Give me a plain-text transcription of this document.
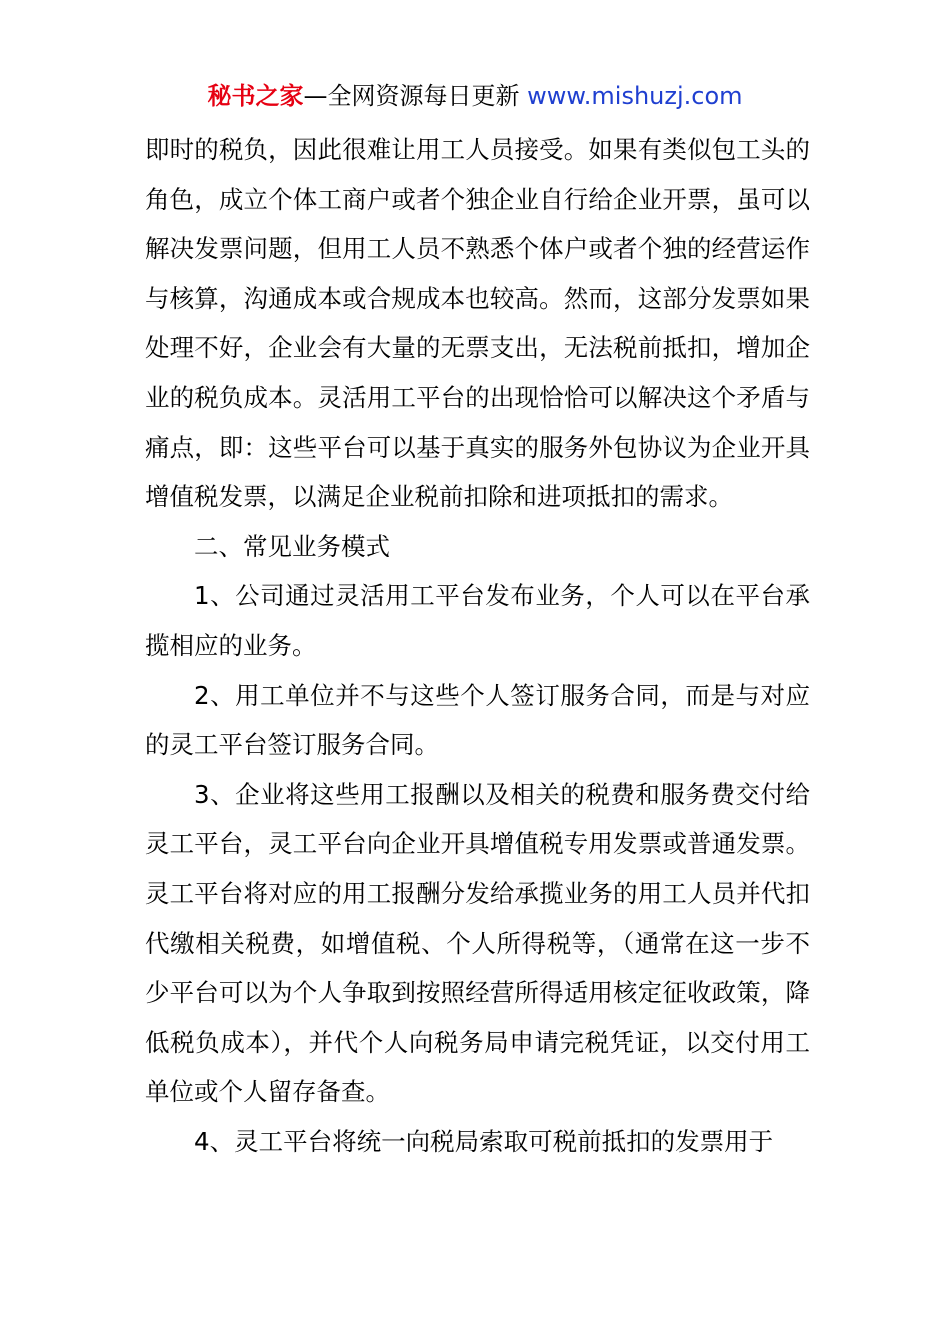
秘书之家—全网资源每日更新 www.mishuzj.com

即时的税负，因此很难让用工人员接受。如果有类似包工头的角色，成立个体工商户或者个独企业自行给企业开票，虽可以解决发票问题，但用工人员不熟悉个体户或者个独的经营运作与核算，沟通成本或合规成本也较高。然而，这部分发票如果处理不好，企业会有大量的无票支出，无法税前抵扣，增加企业的税负成本。灵活用工平台的出现恰恰可以解决这个矛盾与痛点，即：这些平台可以基于真实的服务外包协议为企业开具增值税发票，以满足企业税前扣除和进项抵扣的需求。

二、常见业务模式

1、公司通过灵活用工平台发布业务，个人可以在平台承揽相应的业务。

2、用工单位并不与这些个人签订服务合同，而是与对应的灵工平台签订服务合同。

3、企业将这些用工报酬以及相关的税费和服务费交付给灵工平台，灵工平台向企业开具增值税专用发票或普通发票。灵工平台将对应的用工报酬分发给承揽业务的用工人员并代扣代缴相关税费，如增值税、个人所得税等，（通常在这一步不少平台可以为个人争取到按照经营所得适用核定征收政策，降低税负成本），并代个人向税务局申请完税凭证，以交付用工单位或个人留存备查。

4、灵工平台将统一向税局索取可税前抵扣的发票用于
